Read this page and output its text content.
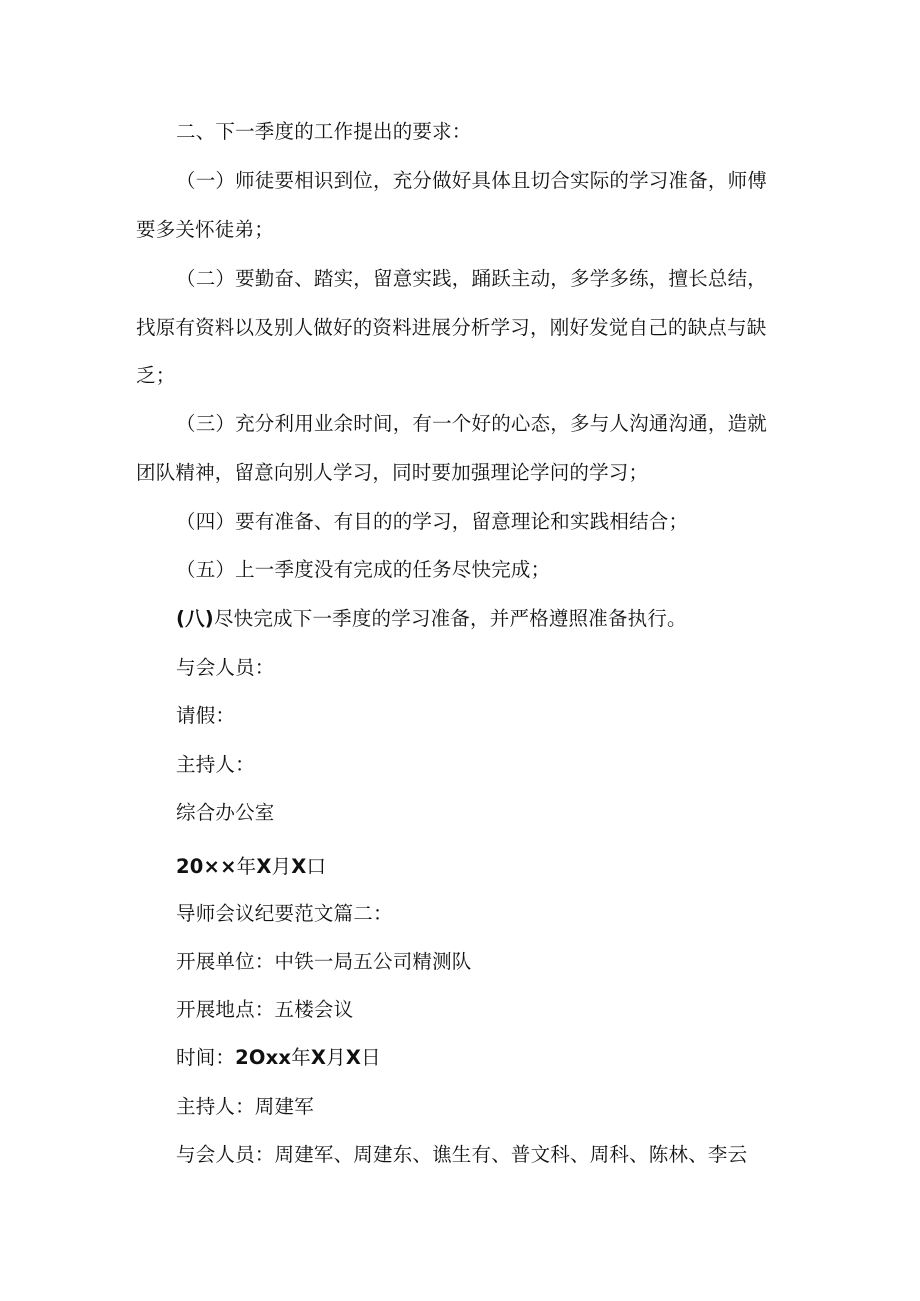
二、下一季度的工作提出的要求：
（一）师徒要相识到位，充分做好具体且切合实际的学习准备，师傅
要多关怀徒弟；
（二）要勤奋、踏实，留意实践，踊跃主动，多学多练，擅长总结，
找原有资料以及别人做好的资料进展分析学习，刚好发觉自己的缺点与缺
乏；
（三）充分利用业余时间，有一个好的心态，多与人沟通沟通，造就
团队精神，留意向别人学习，同时要加强理论学问的学习；
（四）要有准备、有目的的学习，留意理论和实践相结合；
（五）上一季度没有完成的任务尽快完成；
(八)尽快完成下一季度的学习准备，并严格遵照准备执行。
与会人员：
请假：
主持人：
综合办公室
20××年X月X口
导师会议纪要范文篇二：
开展单位：中铁一局五公司精测队
开展地点：五楼会议
时间：2Oxx年X月X日
主持人：周建军
与会人员：周建军、周建东、谯生有、普文科、周科、陈林、李云
